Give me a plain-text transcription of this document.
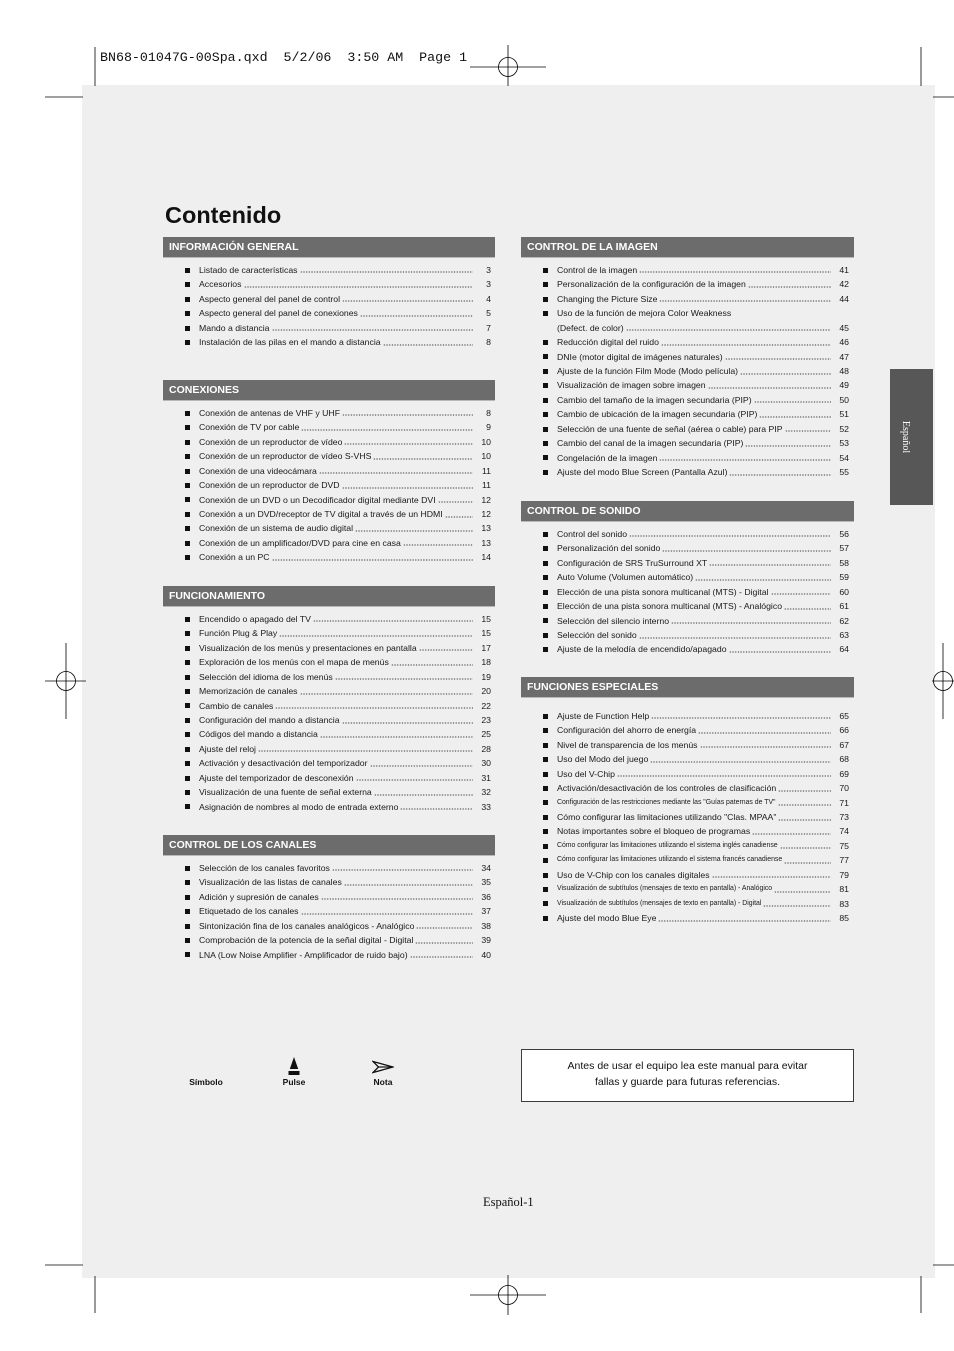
BN68-01047G-00Spa.qxd  5/2/06  3:50 AM  Page 1
Contenido
INFORMACIÓN GENERAL
Listado de características	3
Accesorios	3
Aspecto general del panel de control	4
Aspecto general del panel de conexiones	5
Mando a distancia	7
Instalación de las pilas en el mando a distancia	8
CONEXIONES
Conexión de antenas de VHF y UHF	8
Conexión de TV por cable	9
Conexión de un reproductor de vídeo	10
Conexión de un reproductor de vídeo S-VHS	10
Conexión de una videocámara	11
Conexión de un reproductor de DVD	11
Conexión de un DVD o un Decodificador digital mediante DVI	12
Conexión a un DVD/receptor de TV digital a través de un HDMI	12
Conexión de un sistema de audio digital	13
Conexión de un amplificador/DVD para cine en casa	13
Conexión a un PC	14
FUNCIONAMIENTO
Encendido o apagado del TV	15
Función Plug & Play	15
Visualización de los menús y presentaciones en pantalla	17
Exploración de los menús con el mapa de menús	18
Selección del idioma de los menús	19
Memorización de canales	20
Cambio de canales	22
Configuración del mando a distancia	23
Códigos del mando a distancia	25
Ajuste del reloj	28
Activación y desactivación del temporizador	30
Ajuste del temporizador de desconexión	31
Visualización de una fuente de señal externa	32
Asignación de nombres al modo de entrada externo	33
CONTROL DE LOS CANALES
Selección de los canales favoritos	34
Visualización de las listas de canales	35
Adición y supresión de canales	36
Etiquetado de los canales	37
Sintonización fina de los canales analógicos - Analógico	38
Comprobación de la potencia de la señal digital - Digital	39
LNA (Low Noise Amplifier - Amplificador de ruido bajo)	40
CONTROL DE LA IMAGEN
Control de la imagen	41
Personalización de la configuración de la imagen	42
Changing the Picture Size	44
Uso de la función de mejora Color Weakness
(Defect. de color)	45
Reducción digital del ruido	46
DNIe (motor digital de imágenes naturales)	47
Ajuste de la función Film Mode (Modo película)	48
Visualización de imagen sobre imagen	49
Cambio del tamaño de la imagen secundaria (PIP)	50
Cambio de ubicación de la imagen secundaria (PIP)	51
Selección de una fuente de señal (aérea o cable) para PIP	52
Cambio del canal de la imagen secundaria (PIP)	53
Congelación de la imagen	54
Ajuste del modo Blue Screen (Pantalla Azul)	55
CONTROL DE SONIDO
Control del sonido	56
Personalización del sonido	57
Configuración de SRS TruSurround XT	58
Auto Volume (Volumen automático)	59
Elección de una pista sonora multicanal (MTS) - Digital	60
Elección de una pista sonora multicanal (MTS) - Analógico	61
Selección del silencio interno	62
Selección del sonido	63
Ajuste de la melodía de encendido/apagado	64
FUNCIONES ESPECIALES
Ajuste de Function Help	65
Configuración del ahorro de energía	66
Nivel de transparencia de los menús	67
Uso del Modo del juego	68
Uso del V-Chip	69
Activación/desactivación de los controles de clasificación	70
Configuración de las restricciones mediante las "Guías paternas de TV"	71
Cómo configurar las limitaciones utilizando "Clas. MPAA"	73
Notas importantes sobre el bloqueo de programas	74
Cómo configurar las limitaciones utilizando el sistema inglés canadiense	75
Cómo configurar las limitaciones utilizando el sistema francés canadiense	77
Uso de V-Chip con los canales digitales	79
Visualización de subtítulos (mensajes de texto en pantalla) - Analógico	81
Visualización de subtítulos (mensajes de texto en pantalla) - Digital	83
Ajuste del modo Blue Eye	85
Español
Símbolo	Pulse	Nota
Antes de usar el equipo lea este manual para evitar
fallas y guarde para futuras referencias.
Español-1
